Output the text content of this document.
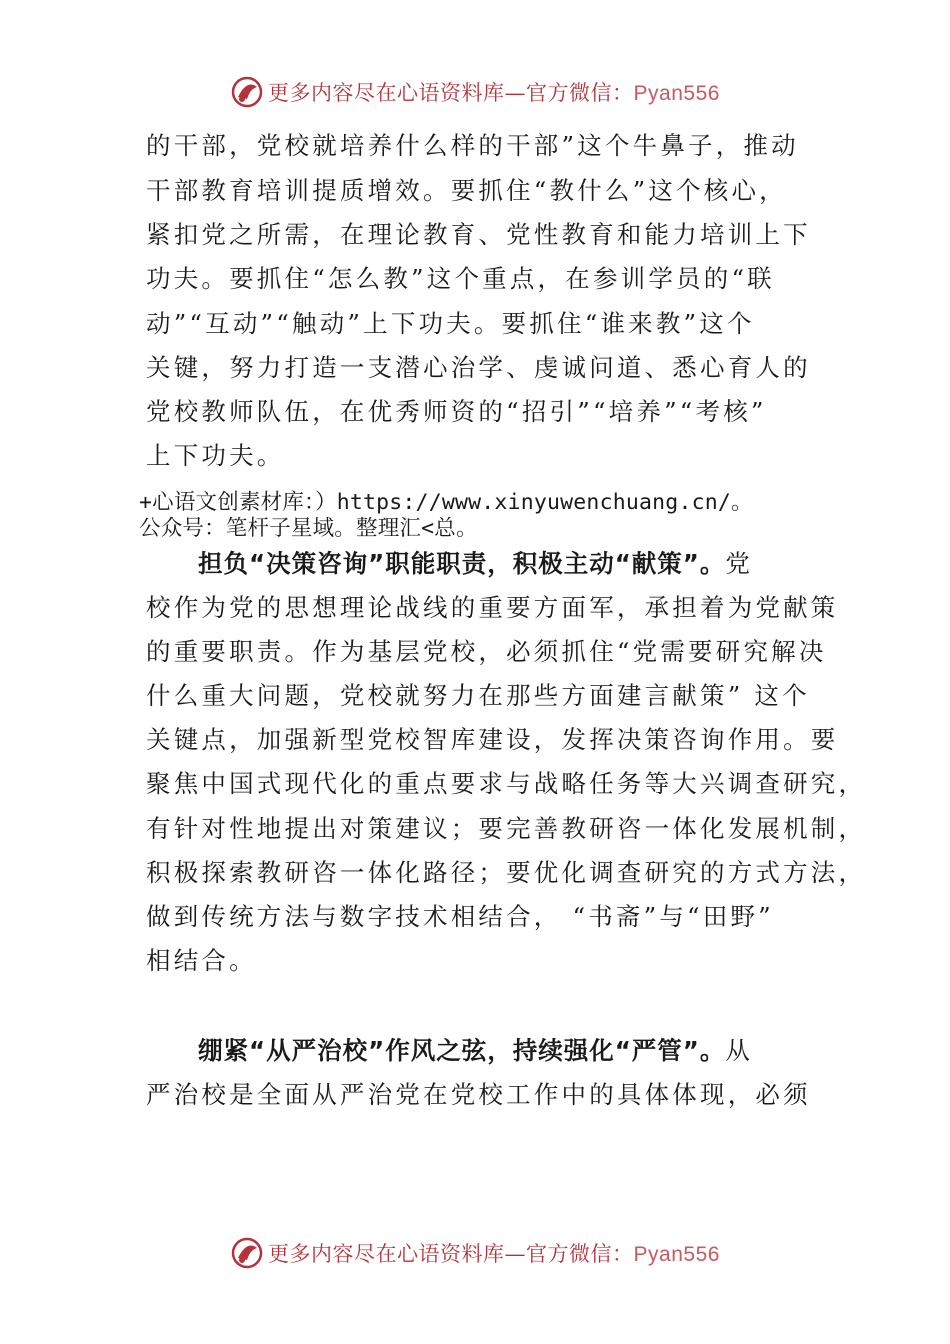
更多内容尽在心语资料库—官方微信：Pyan556
的干部，党校就培养什么样的干部”这个牛鼻子，推动
干部教育培训提质增效。要抓住“教什么”这个核心，
紧扣党之所需，在理论教育、党性教育和能力培训上下
功夫。要抓住“怎么教”这个重点，在参训学员的“联
动”“互动”“触动”上下功夫。要抓住“谁来教”这个
关键，努力打造一支潜心治学、虔诚问道、悉心育人的
党校教师队伍，在优秀师资的“招引”“培养”“考核”
上下功夫。
+心语文创素材库：）https://www.xinyuwenchuang.cn/。
公众号：笔杆子星域。整理汇<总。
担负“决策咨询”职能职责，积极主动“献策”。党
校作为党的思想理论战线的重要方面军，承担着为党献策
的重要职责。作为基层党校，必须抓住“党需要研究解决
什么重大问题，党校就努力在那些方面建言献策” 这个
关键点，加强新型党校智库建设，发挥决策咨询作用。要
聚焦中国式现代化的重点要求与战略任务等大兴调查研究，
有针对性地提出对策建议；要完善教研咨一体化发展机制，
积极探索教研咨一体化路径；要优化调查研究的方式方法，
做到传统方法与数字技术相结合， “书斋”与“田野”
相结合。
绷紧“从严治校”作风之弦，持续强化“严管”。从
严治校是全面从严治党在党校工作中的具体体现，必须
更多内容尽在心语资料库—官方微信：Pyan556
